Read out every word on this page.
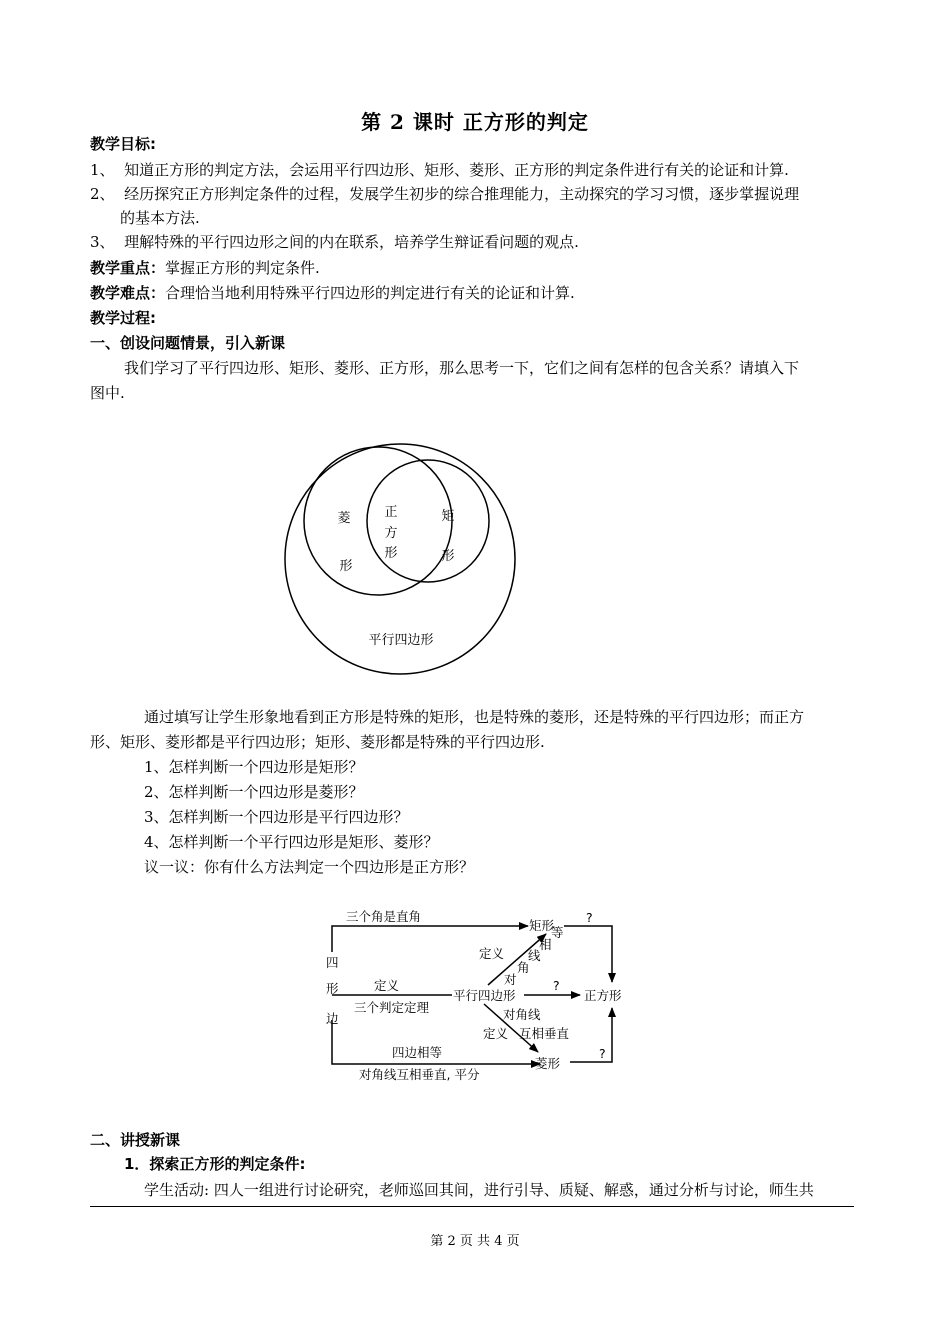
第 2 课时 正方形的判定
教学目标:
1、 知道正方形的判定方法，会运用平行四边形、矩形、菱形、正方形的判定条件进行有关的论证和计算.
2、 经历探究正方形判定条件的过程，发展学生初步的综合推理能力，主动探究的学习习惯，逐步掌握说理
的基本方法.
3、 理解特殊的平行四边形之间的内在联系，培养学生辩证看问题的观点.
教学重点：掌握正方形的判定条件.
教学难点：合理恰当地利用特殊平行四边形的判定进行有关的论证和计算.
教学过程:
一、创设问题情景，引入新课
我们学习了平行四边形、矩形、菱形、正方形，那么思考一下，它们之间有怎样的包含关系？请填入下
图中.
菱
形
正
方
形
矩
形
平行四边形
通过填写让学生形象地看到正方形是特殊的矩形，也是特殊的菱形，还是特殊的平行四边形；而正方
形、矩形、菱形都是平行四边形；矩形、菱形都是特殊的平行四边形.
1、怎样判断一个四边形是矩形？
2、怎样判断一个四边形是菱形？
3、怎样判断一个四边形是平行四边形？
4、怎样判断一个平行四边形是矩形、菱形？
议一议：你有什么方法判定一个四边形是正方形？
四
形
边
三个角是直角
矩形
?
定义
三个判定定理
平行四边形
?
正方形
定义
对
角
线
相
等
对角线
互相垂直
定义
四边相等
对角线互相垂直, 平分
菱形
?
二、讲授新课
1．探索正方形的判定条件:
学生活动: 四人一组进行讨论研究，老师巡回其间，进行引导、质疑、解惑，通过分析与讨论，师生共
第 2 页 共 4 页
